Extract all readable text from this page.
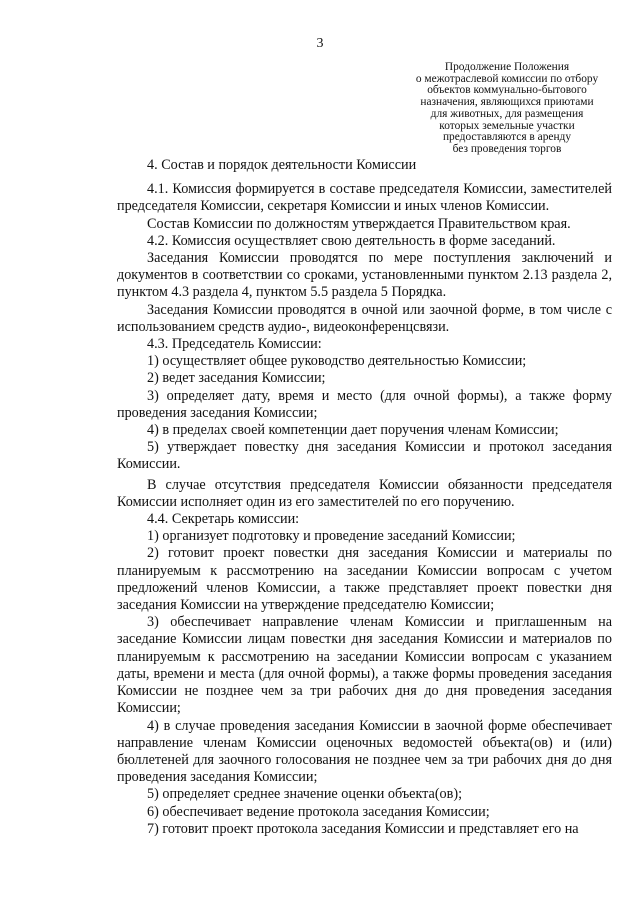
3
Продолжение Положения
о межотраслевой комиссии по отбору
объектов коммунально-бытового
назначения, являющихся приютами
для животных, для размещения
которых земельные участки
предоставляются в аренду
без проведения торгов

4. Состав и порядок деятельности Комиссии

4.1. Комиссия формируется в составе председателя Комиссии, заместителей председателя Комиссии, секретаря Комиссии и иных членов Комиссии.

Состав Комиссии по должностям утверждается Правительством края.

4.2. Комиссия осуществляет свою деятельность в форме заседаний.

Заседания Комиссии проводятся по мере поступления заключений и документов в соответствии со сроками, установленными пунктом 2.13 раздела 2, пунктом 4.3 раздела 4, пунктом 5.5 раздела 5 Порядка.

Заседания Комиссии проводятся в очной или заочной форме, в том числе с использованием средств аудио-, видеоконференцсвязи.

4.3. Председатель Комиссии:

1) осуществляет общее руководство деятельностью Комиссии;

2) ведет заседания Комиссии;

3) определяет дату, время и место (для очной формы), а также форму проведения заседания Комиссии;

4) в пределах своей компетенции дает поручения членам Комиссии;

5) утверждает повестку дня заседания Комиссии и протокол заседания Комиссии.

В случае отсутствия председателя Комиссии обязанности председателя Комиссии исполняет один из его заместителей по его поручению.

4.4. Секретарь комиссии:

1) организует подготовку и проведение заседаний Комиссии;

2) готовит проект повестки дня заседания Комиссии и материалы по планируемым к рассмотрению на заседании Комиссии вопросам с учетом предложений членов Комиссии, а также представляет проект повестки дня заседания Комиссии на утверждение председателю Комиссии;

3) обеспечивает направление членам Комиссии и приглашенным на заседание Комиссии лицам повестки дня заседания Комиссии и материалов по планируемым к рассмотрению на заседании Комиссии вопросам с указанием даты, времени и места (для очной формы), а также формы проведения заседания Комиссии не позднее чем за три рабочих дня до дня проведения заседания Комиссии;

4) в случае проведения заседания Комиссии в заочной форме обеспечивает направление членам Комиссии оценочных ведомостей объекта(ов) и (или) бюллетеней для заочного голосования не позднее чем за три рабочих дня до дня проведения заседания Комиссии;

5) определяет среднее значение оценки объекта(ов);

6) обеспечивает ведение протокола заседания Комиссии;

7) готовит проект протокола заседания Комиссии и представляет его на
